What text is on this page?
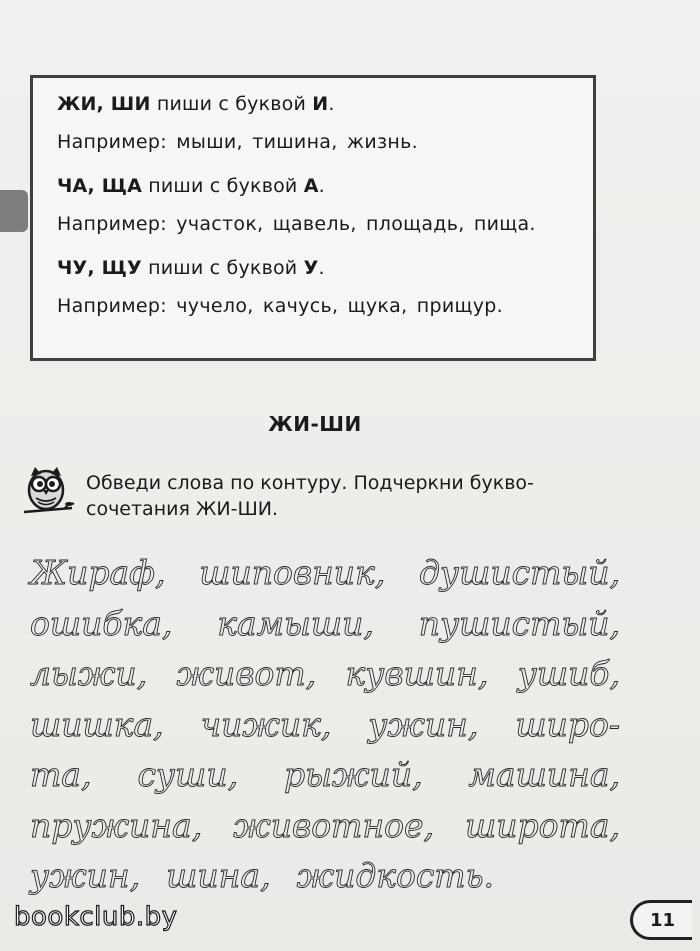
ЖИ, ШИ пиши с буквой И.
Например: мыши, тишина, жизнь.
ЧА, ЩА пиши с буквой А.
Например: участок, щавель, площадь, пища.
ЧУ, ЩУ пиши с буквой У.
Например: чучело, качусь, щука, прищур.
ЖИ-ШИ
Обведи слова по контуру. Подчеркни букво-
сочетания ЖИ-ШИ.
Жираф, шиповник, душистый,
ошибка, камыши, пушистый,
лыжи, живот, кувшин, ушиб,
шишка, чижик, ужин, широ-
та, суши, рыжий, машина,
пружина, животное, широта,
ужин, шина, жидкость.
bookclub.by	11
